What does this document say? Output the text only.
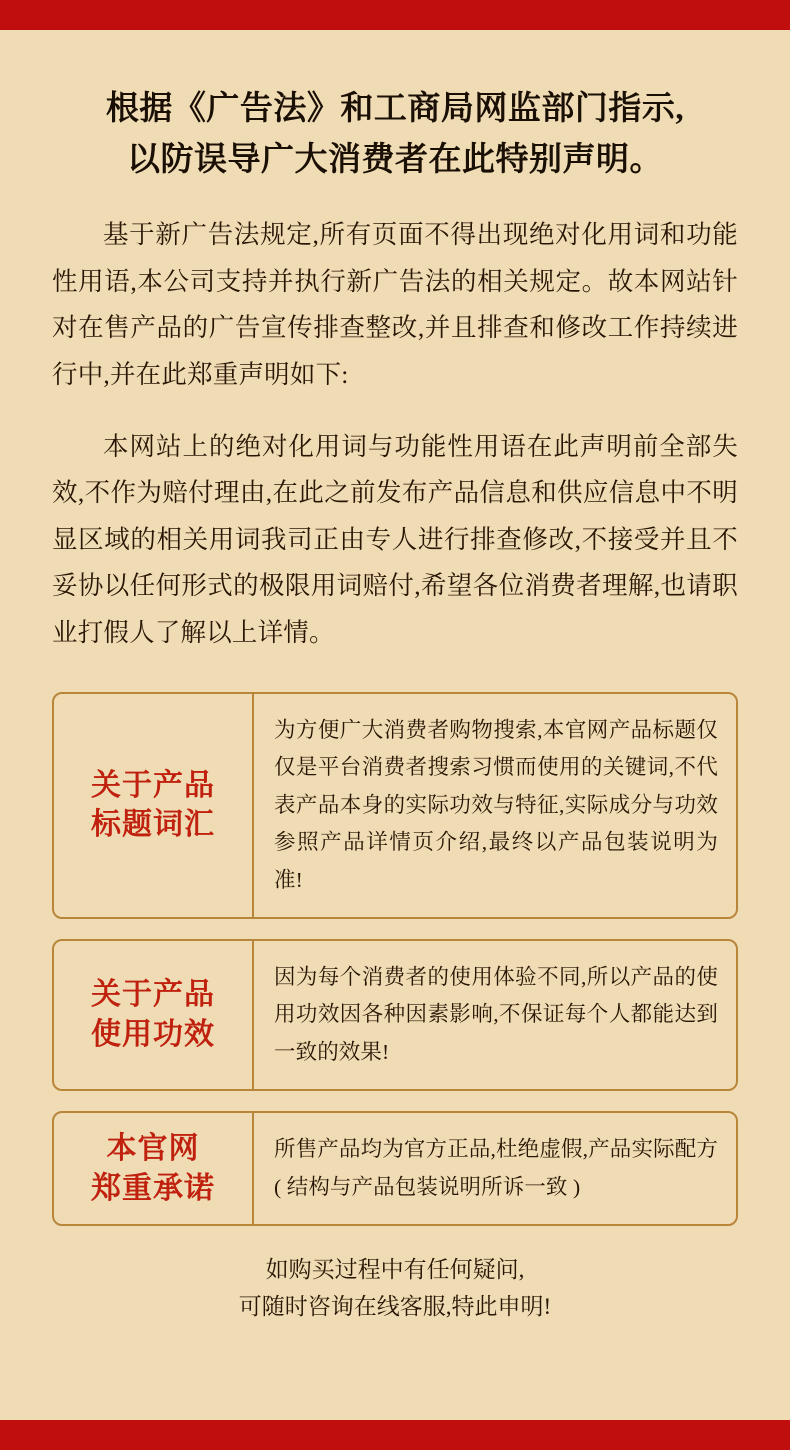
根据《广告法》和工商局网监部门指示,
以防误导广大消费者在此特别声明。

基于新广告法规定,所有页面不得出现绝对化用词和功能性用语,本公司支持并执行新广告法的相关规定。故本网站针对在售产品的广告宣传排查整改,并且排查和修改工作持续进行中,并在此郑重声明如下:

本网站上的绝对化用词与功能性用语在此声明前全部失效,不作为赔付理由,在此之前发布产品信息和供应信息中不明显区域的相关用词我司正由专人进行排查修改,不接受并且不妥协以任何形式的极限用词赔付,希望各位消费者理解,也请职业打假人了解以上详情。

关于产品
标题词汇
为方便广大消费者购物搜索,本官网产品标题仅仅是平台消费者搜索习惯而使用的关键词,不代表产品本身的实际功效与特征,实际成分与功效参照产品详情页介绍,最终以产品包装说明为准!
关于产品
使用功效
因为每个消费者的使用体验不同,所以产品的使用功效因各种因素影响,不保证每个人都能达到一致的效果!
本官网
郑重承诺
所售产品均为官方正品,杜绝虚假,产品实际配方( 结构与产品包装说明所诉一致 )
如购买过程中有任何疑问,
可随时咨询在线客服,特此申明!
